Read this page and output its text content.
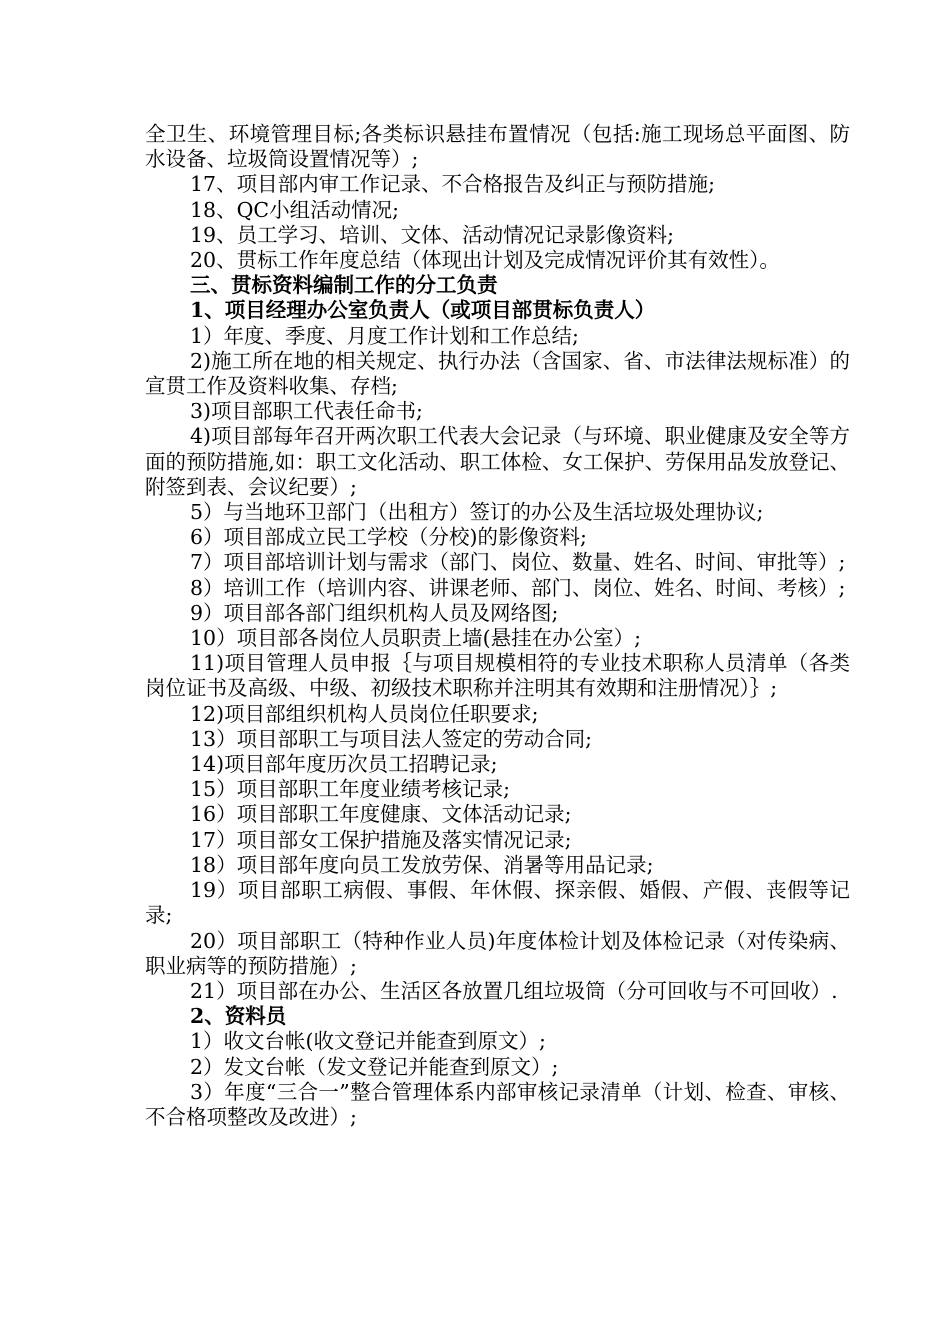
全卫生、环境管理目标;各类标识悬挂布置情况（包括:施工现场总平面图、防水设备、垃圾筒设置情况等）;

17、项目部内审工作记录、不合格报告及纠正与预防措施;

18、QC小组活动情况;

19、员工学习、培训、文体、活动情况记录影像资料;

20、贯标工作年度总结（体现出计划及完成情况评价其有效性）。

三、贯标资料编制工作的分工负责

1、项目经理办公室负责人（或项目部贯标负责人）

1）年度、季度、月度工作计划和工作总结;

2)施工所在地的相关规定、执行办法（含国家、省、市法律法规标准）的宣贯工作及资料收集、存档;

3)项目部职工代表任命书;

4)项目部每年召开两次职工代表大会记录（与环境、职业健康及安全等方面的预防措施,如：职工文化活动、职工体检、女工保护、劳保用品发放登记、附签到表、会议纪要）;

5）与当地环卫部门（出租方）签订的办公及生活垃圾处理协议;

6）项目部成立民工学校（分校)的影像资料;

7）项目部培训计划与需求（部门、岗位、数量、姓名、时间、审批等）;

8）培训工作（培训内容、讲课老师、部门、岗位、姓名、时间、考核）;

9）项目部各部门组织机构人员及网络图;

10）项目部各岗位人员职责上墙(悬挂在办公室）;

11)项目管理人员申报｛与项目规模相符的专业技术职称人员清单（各类岗位证书及高级、中级、初级技术职称并注明其有效期和注册情况）｝;

12)项目部组织机构人员岗位任职要求;

13）项目部职工与项目法人签定的劳动合同;

14)项目部年度历次员工招聘记录;

15）项目部职工年度业绩考核记录;

16）项目部职工年度健康、文体活动记录;

17）项目部女工保护措施及落实情况记录;

18）项目部年度向员工发放劳保、消暑等用品记录;

19）项目部职工病假、事假、年休假、探亲假、婚假、产假、丧假等记录;

20）项目部职工（特种作业人员)年度体检计划及体检记录（对传染病、职业病等的预防措施）;

21）项目部在办公、生活区各放置几组垃圾筒（分可回收与不可回收）.

2、资料员

1）收文台帐(收文登记并能查到原文）;

2）发文台帐（发文登记并能查到原文）;

3）年度“三合一”整合管理体系内部审核记录清单（计划、检查、审核、不合格项整改及改进）;
